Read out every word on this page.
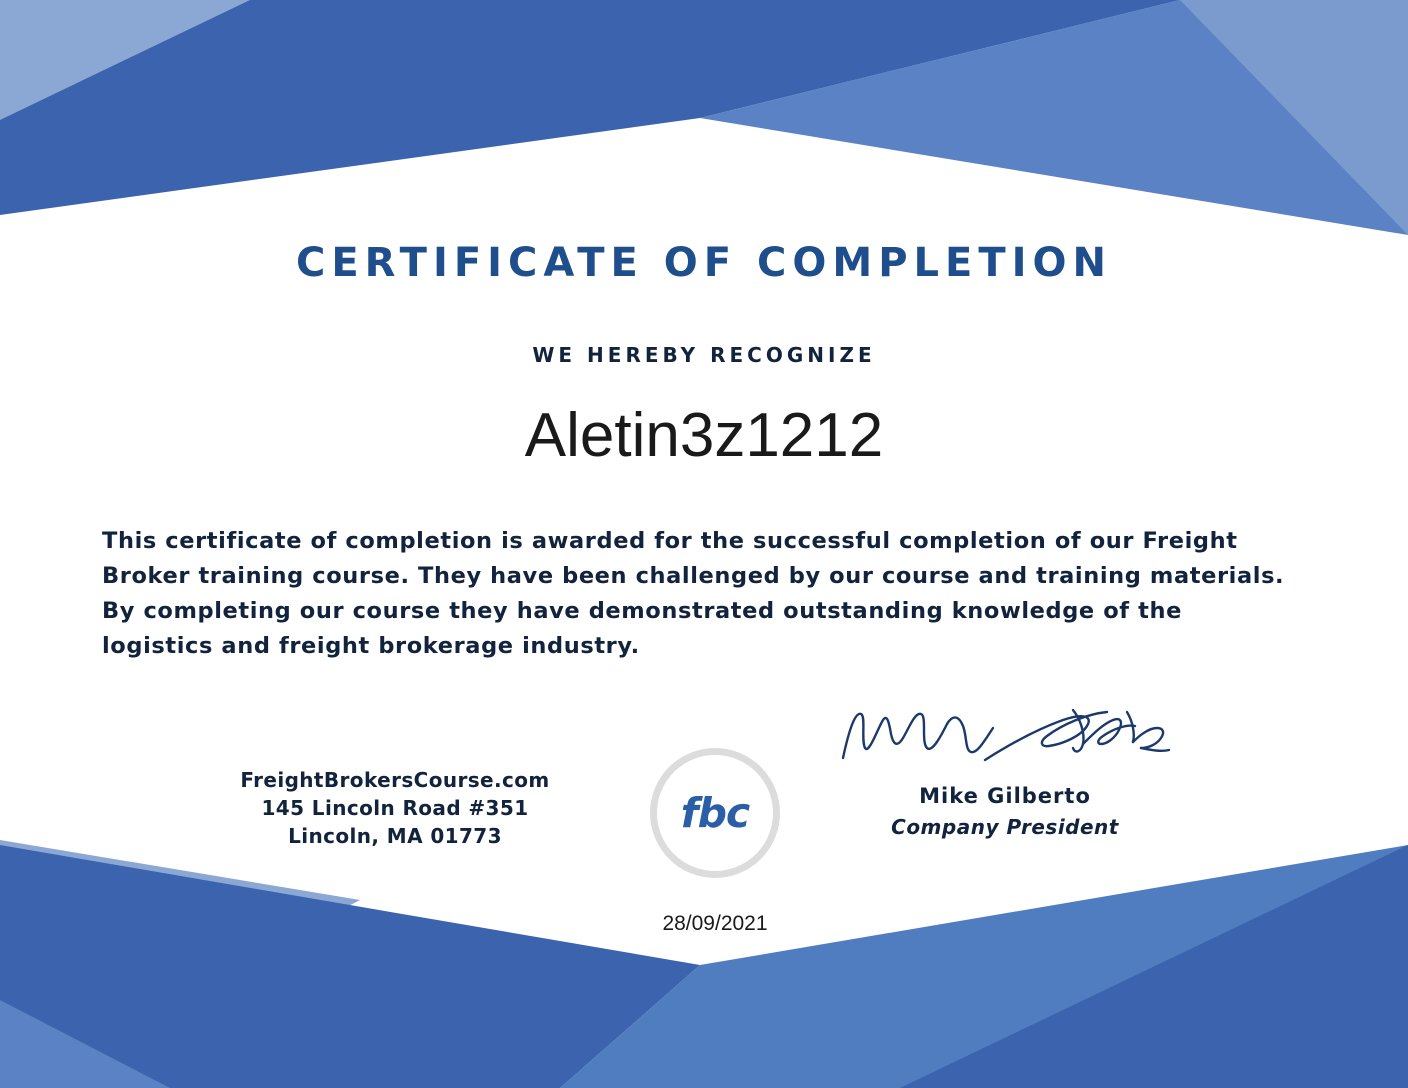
CERTIFICATE OF COMPLETION
WE HEREBY RECOGNIZE
Aletin3z1212
This certificate of completion is awarded for the successful completion of our Freight Broker training course. They have been challenged by our course and training materials. By completing our course they have demonstrated outstanding knowledge of the logistics and freight brokerage industry.
FreightBrokersCourse.com
145 Lincoln Road #351
Lincoln, MA 01773	fbc	Mike Gilberto
Company President
28/09/2021
